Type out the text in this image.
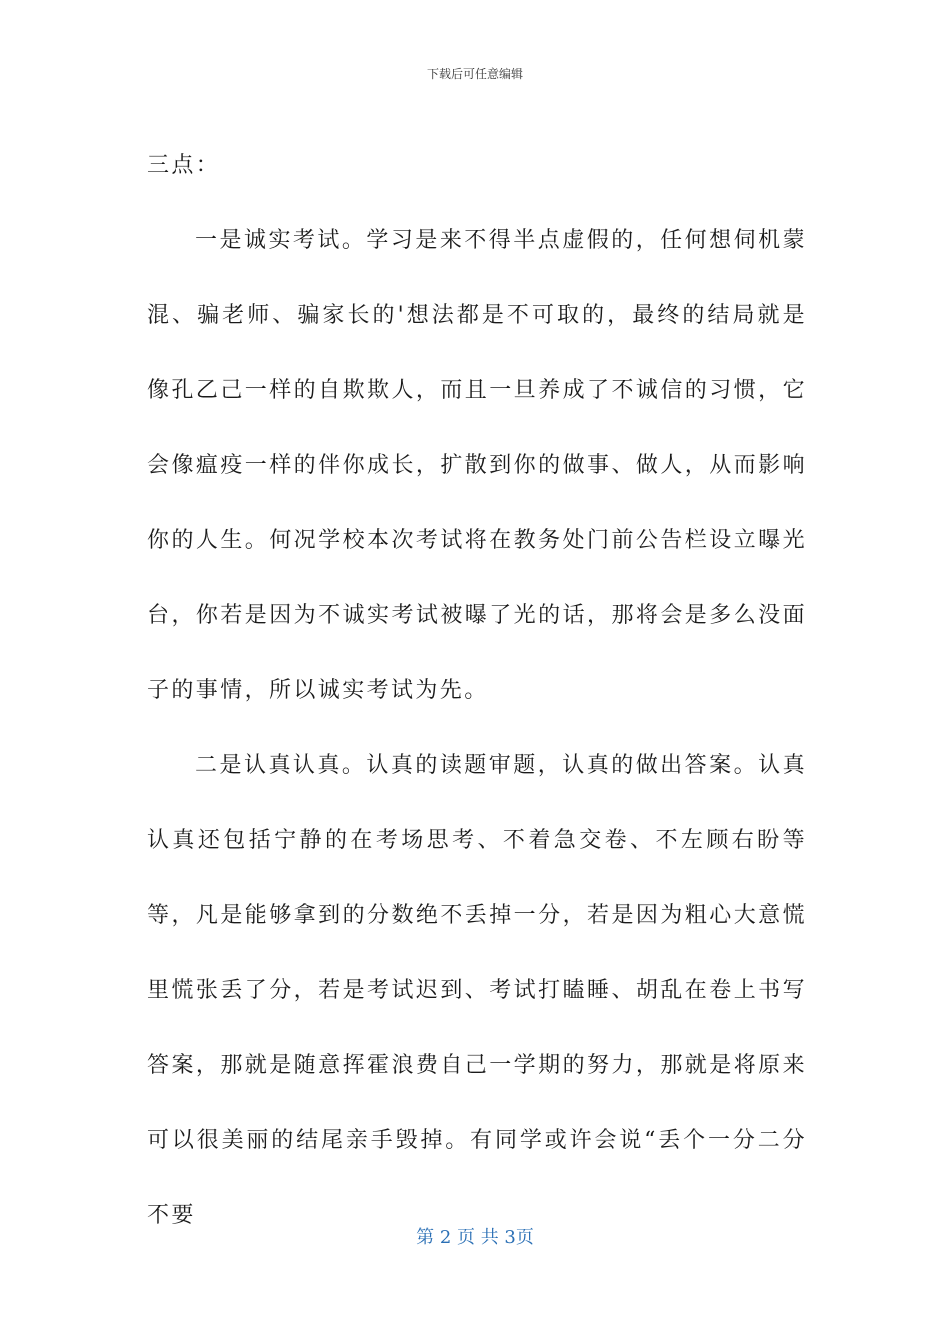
下载后可任意编辑

三点：

一是诚实考试。学习是来不得半点虚假的，任何想伺机蒙混、骗老师、骗家长的'想法都是不可取的，最终的结局就是像孔乙己一样的自欺欺人，而且一旦养成了不诚信的习惯，它会像瘟疫一样的伴你成长，扩散到你的做事、做人，从而影响你的人生。何况学校本次考试将在教务处门前公告栏设立曝光台，你若是因为不诚实考试被曝了光的话，那将会是多么没面子的事情，所以诚实考试为先。

二是认真认真。认真的读题审题，认真的做出答案。认真认真还包括宁静的在考场思考、不着急交卷、不左顾右盼等等，凡是能够拿到的分数绝不丢掉一分，若是因为粗心大意慌里慌张丢了分，若是考试迟到、考试打瞌睡、胡乱在卷上书写答案，那就是随意挥霍浪费自己一学期的努力，那就是将原来可以很美丽的结尾亲手毁掉。有同学或许会说“丢个一分二分不要

第 2 页 共 3页
